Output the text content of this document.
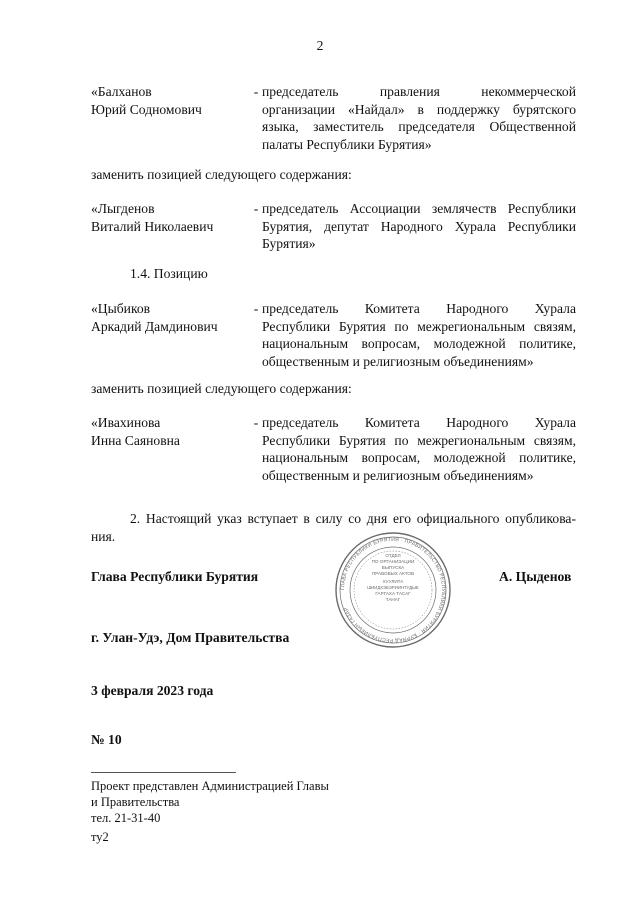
2
«Балханов
Юрий Содномович
- председатель правления некоммерческой организации «Найдал» в поддержку бурятского языка, заместитель председателя Общественной палаты Республики Бурятия»
заменить позицией следующего содержания:
«Лыгденов
Виталий Николаевич
- председатель Ассоциации землячеств Республики Бурятия, депутат Народного Хурала Республики Бурятия»
1.4. Позицию
«Цыбиков
Аркадий Дамдинович
- председатель Комитета Народного Хурала Республики Бурятия по межрегиональным связям, национальным вопросам, молодежной политике, общественным и религиозным объединениям»
заменить позицией следующего содержания:
«Ивахинова
Инна Саяновна
- председатель Комитета Народного Хурала Республики Бурятия по межрегиональным связям, национальным вопросам, молодежной политике, общественным и религиозным объединениям»
2. Настоящий указ вступает в силу со дня его официального опубликова-ния.
ОТДЕЛ
ПО ОРГАНИЗАЦИИ
ВЫПУСКА
ПРАВОВЫХ АКТОВ
ХУУЛИТА
ШИИДХЭБЭРИИНТУДЫЕ
ГАРГАХА ТАСАГ
ТАНАГ
ГЛАВА РЕСПУБЛИКИ БУРЯТИЯ · ПРАВИТЕЛЬСТВО РЕСПУБЛИКИ БУРЯТИЯ · БУРЯАД РЕСПУБЛИКЫН ГАЗАР
Глава Республики Бурятия	А. Цыденов
г. Улан-Удэ, Дом Правительства
3 февраля 2023 года
№ 10
Проект представлен Администрацией Главы
и Правительства
тел. 21-31-40
ту2
